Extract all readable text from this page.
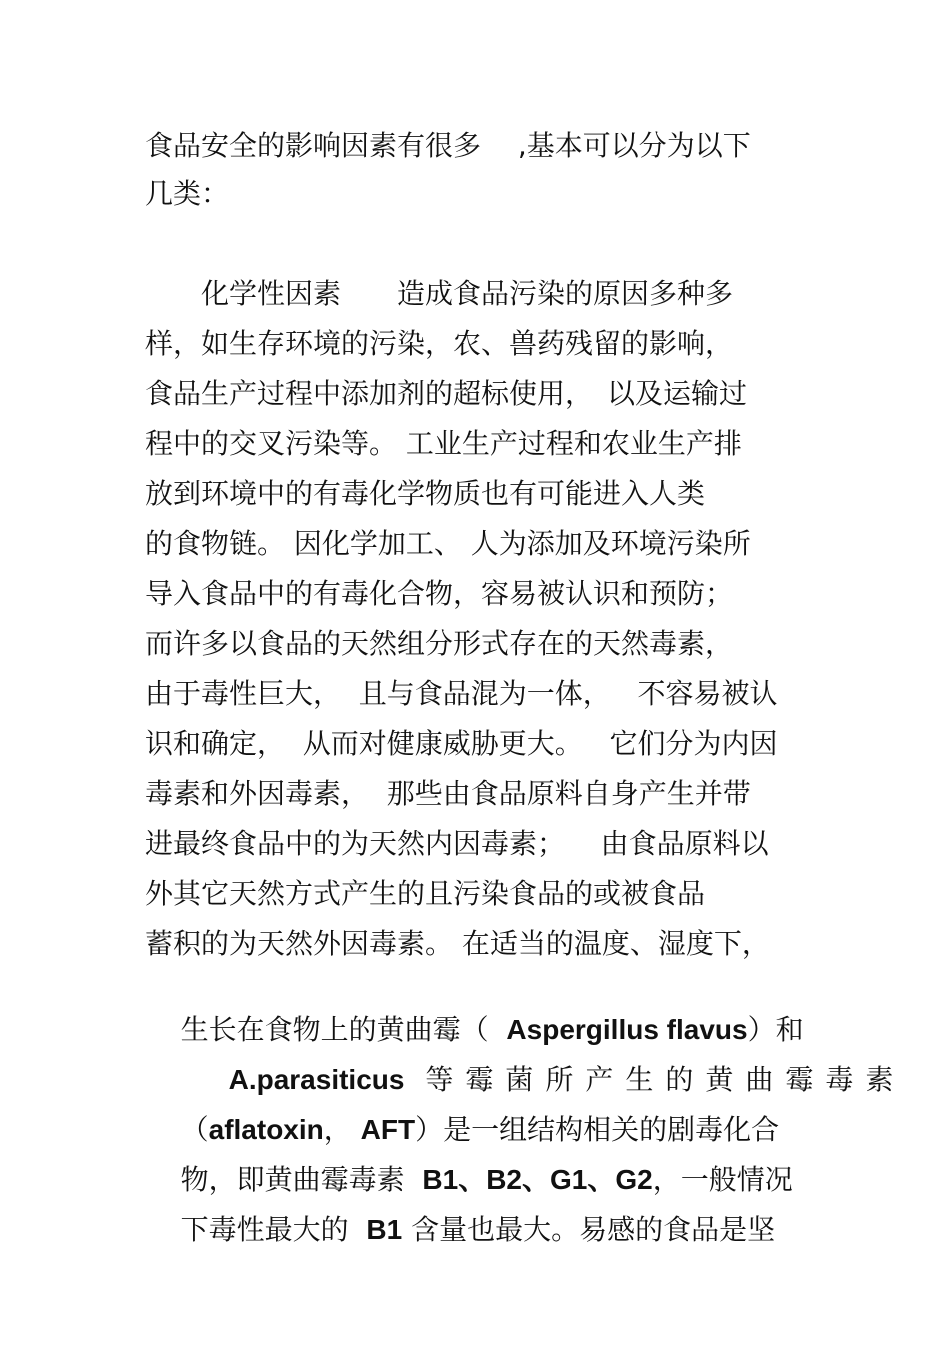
食品安全的影响因素有很多　 ,基本可以分为以下
几类：
　　化学性因素　　造成食品污染的原因多种多
样，如生存环境的污染，农、兽药残留的影响，
食品生产过程中添加剂的超标使用，　以及运输过
程中的交叉污染等。 工业生产过程和农业生产排
放到环境中的有毒化学物质也有可能进入人类
的食物链。 因化学加工、 人为添加及环境污染所
导入食品中的有毒化合物，容易被认识和预防；
而许多以食品的天然组分形式存在的天然毒素，
由于毒性巨大，  且与食品混为一体，   不容易被认
识和确定，  从而对健康威胁更大。   它们分为内因
毒素和外因毒素，  那些由食品原料自身产生并带
进最终食品中的为天然内因毒素；    由食品原料以
外其它天然方式产生的且污染食品的或被食品
蓄积的为天然外因毒素。 在适当的温度、湿度下，

生长在食物上的黄曲霉（  Aspergillus flavus）和

A.parasiticus 等霉菌所产生的黄曲霉毒素

（aflatoxin， AFT）是一组结构相关的剧毒化合

物，即黄曲霉毒素  B1、B2、G1、G2，一般情况

下毒性最大的  B1 含量也最大。易感的食品是坚
